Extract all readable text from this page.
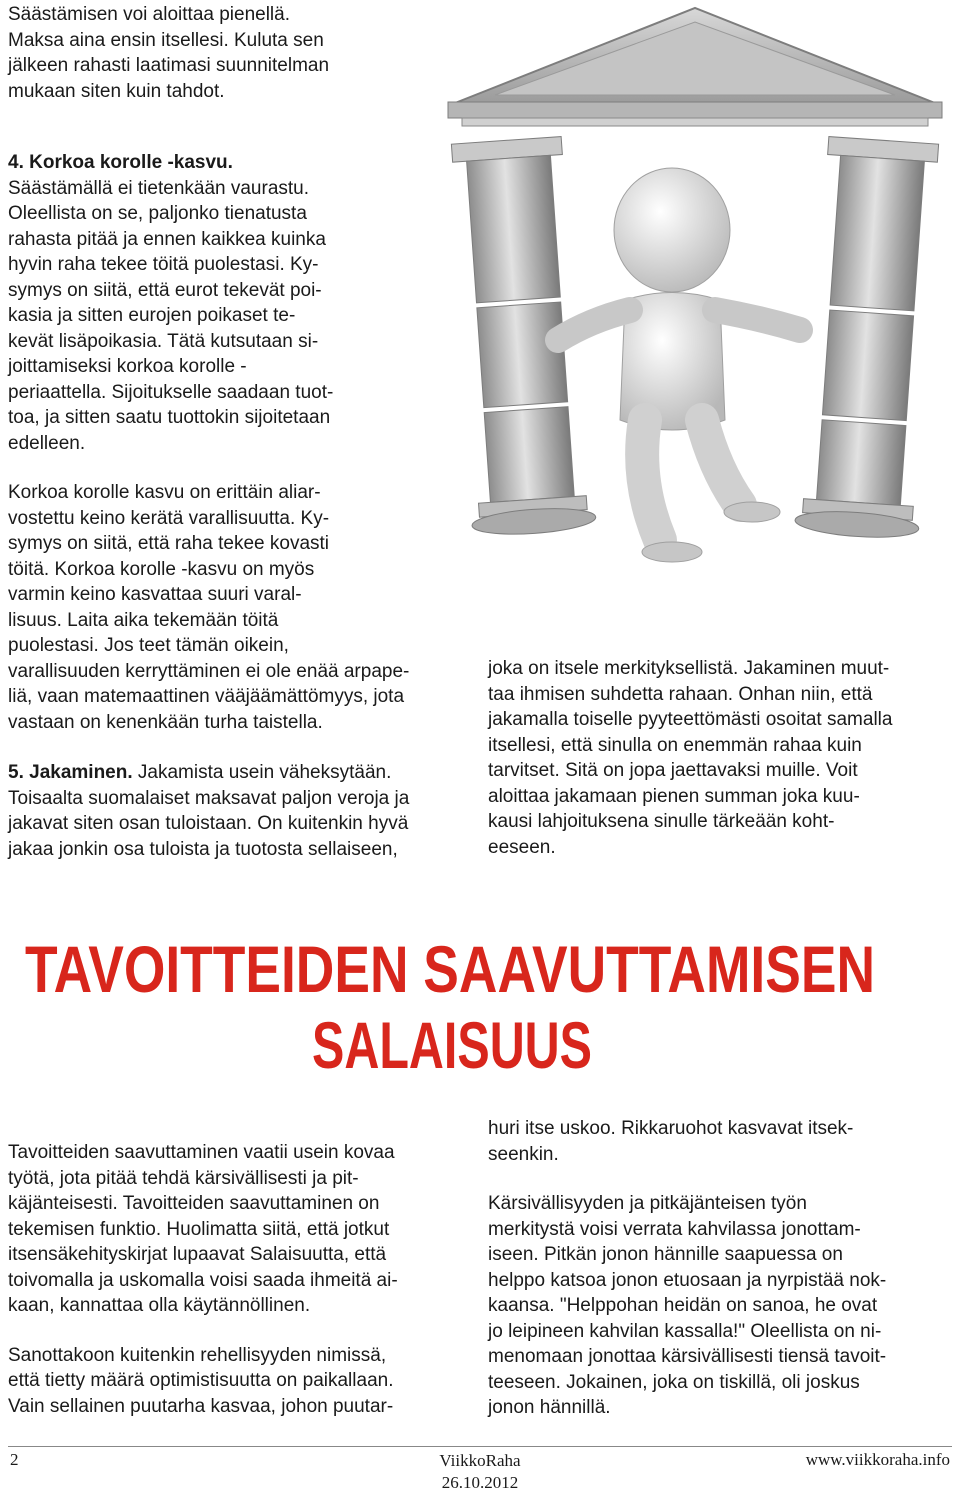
Säästämisen voi aloittaa pienellä.

Maksa aina ensin itsellesi. Kuluta sen

jälkeen rahasti laatimasi suunnitelman

mukaan siten kuin tahdot.

4. Korkoa korolle -kasvu.

Säästämällä ei tietenkään vaurastu.

Oleellista on se, paljonko tienatusta

rahasta pitää ja ennen kaikkea kuinka

hyvin raha tekee töitä puolestasi. Ky-

symys on siitä, että eurot tekevät poi-

kasia ja sitten eurojen poikaset te-

kevät lisäpoikasia. Tätä kutsutaan si-

joittamiseksi korkoa korolle -

periaattella. Sijoitukselle saadaan tuot-

toa, ja sitten saatu tuottokin sijoitetaan

edelleen.

Korkoa korolle kasvu on erittäin aliar-

vostettu keino kerätä varallisuutta. Ky-

symys on siitä, että raha tekee kovasti

töitä. Korkoa korolle -kasvu on myös

varmin keino kasvattaa suuri varal-

lisuus. Laita aika tekemään töitä

puolestasi. Jos teet tämän oikein,

varallisuuden kerryttäminen ei ole enää arpape-

liä, vaan matemaattinen vääjäämättömyys, jota

vastaan on kenenkään turha taistella.

5. Jakaminen. Jakamista usein väheksytään.

Toisaalta suomalaiset maksavat paljon veroja ja

jakavat siten osan tuloistaan. On kuitenkin hyvä

jakaa jonkin osa tuloista ja tuotosta sellaiseen,

joka on itsele merkityksellistä. Jakaminen muut-

taa ihmisen suhdetta rahaan. Onhan niin, että

jakamalla toiselle pyyteettömästi osoitat samalla

itsellesi, että sinulla on enemmän rahaa kuin

tarvitset. Sitä on jopa jaettavaksi muille. Voit

aloittaa jakamaan pienen summan joka kuu-

kausi lahjoituksena sinulle tärkeään koht-

eeseen.

TAVOITTEIDEN SAAVUTTAMISEN
SALAISUUS

Tavoitteiden saavuttaminen vaatii usein kovaa

työtä, jota pitää tehdä kärsivällisesti ja pit-

käjänteisesti. Tavoitteiden saavuttaminen on

tekemisen funktio. Huolimatta siitä, että jotkut

itsensäkehityskirjat lupaavat Salaisuutta, että

toivomalla ja uskomalla voisi saada ihmeitä ai-

kaan, kannattaa olla käytännöllinen.

Sanottakoon kuitenkin rehellisyyden nimissä,

että tietty määrä optimistisuutta on paikallaan.

Vain sellainen puutarha kasvaa, johon puutar-

huri itse uskoo. Rikkaruohot kasvavat itsek-

seenkin.

Kärsivällisyyden ja pitkäjänteisen työn

merkitystä voisi verrata kahvilassa jonottam-

iseen. Pitkän jonon hännille saapuessa on

helppo katsoa jonon etuosaan ja nyrpistää nok-

kaansa. "Helppohan heidän on sanoa, he ovat

jo leipineen kahvilan kassalla!" Oleellista on ni-

menomaan jonottaa kärsivällisesti tiensä tavoit-

teeseen. Jokainen, joka on tiskillä, oli joskus

jonon hännillä.

2	ViikkoRaha
26.10.2012
www.viikkoraha.info
